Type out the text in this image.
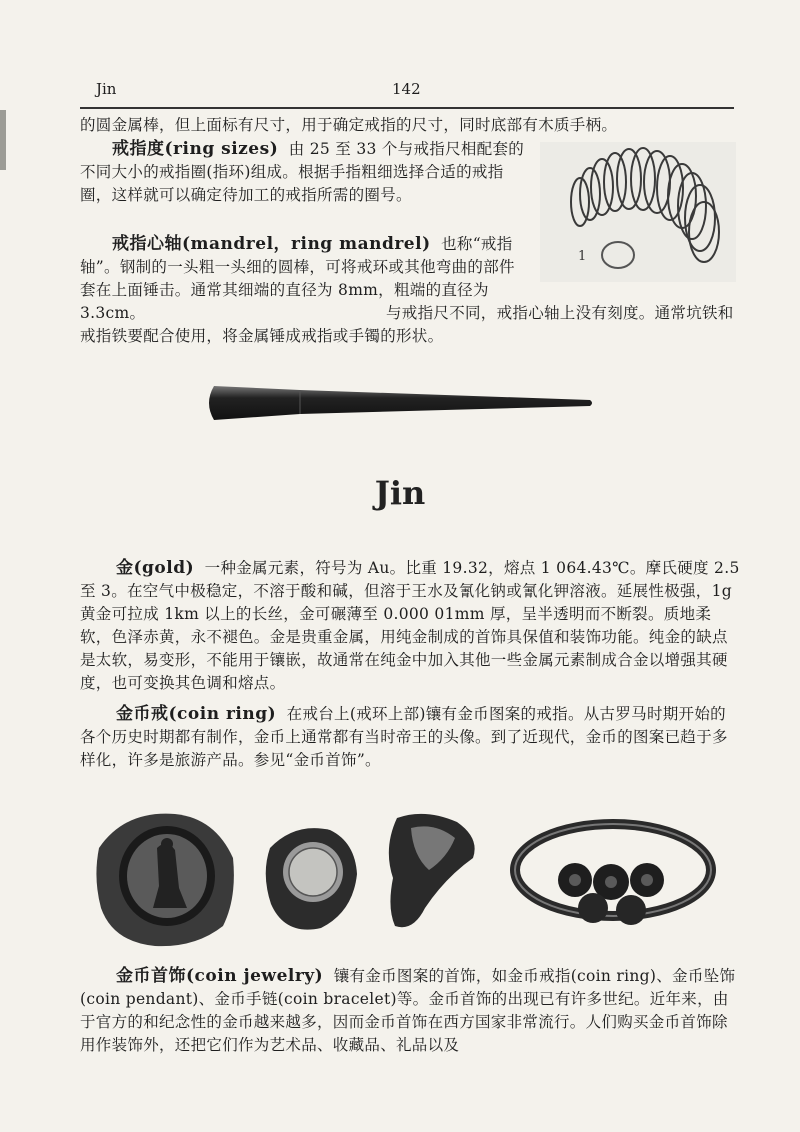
Jin	142
的圆金属棒，但上面标有尺寸，用于确定戒指的尺寸，同时底部有木质手柄。
戒指度(ring sizes) 由 25 至 33 个与戒指尺相配套的不同大小的戒指圈(指环)组成。根据手指粗细选择合适的戒指圈，这样就可以确定待加工的戒指所需的圈号。
戒指心轴(mandrel，ring mandrel) 也称“戒指轴”。钢制的一头粗一头细的圆棒，可将戒环或其他弯曲的部件套在上面锤击。通常其细端的直径为 8mm，粗端的直径为 3.3cm。	与戒指尺不同，戒指心轴上没有刻度。通常坑铁和戒指铁要配合使用，将金属锤成戒指或手镯的形状。
1
Jin
金(gold) 一种金属元素，符号为 Au。比重 19.32，熔点 1 064.43℃。摩氏硬度 2.5 至 3。在空气中极稳定，不溶于酸和碱，但溶于王水及氰化钠或氰化钾溶液。延展性极强，1g 黄金可拉成 1km 以上的长丝，金可碾薄至 0.000 01mm 厚，呈半透明而不断裂。质地柔软，色泽赤黄，永不褪色。金是贵重金属，用纯金制成的首饰具保值和装饰功能。纯金的缺点是太软，易变形，不能用于镶嵌，故通常在纯金中加入其他一些金属元素制成合金以增强其硬度，也可变换其色调和熔点。
金币戒(coin ring) 在戒台上(戒环上部)镶有金币图案的戒指。从古罗马时期开始的各个历史时期都有制作，金币上通常都有当时帝王的头像。到了近现代，金币的图案已趋于多样化，许多是旅游产品。参见“金币首饰”。
金币首饰(coin jewelry) 镶有金币图案的首饰，如金币戒指(coin ring)、金币坠饰(coin pendant)、金币手链(coin bracelet)等。金币首饰的出现已有许多世纪。近年来，由于官方的和纪念性的金币越来越多，因而金币首饰在西方国家非常流行。人们购买金币首饰除用作装饰外，还把它们作为艺术品、收藏品、礼品以及
